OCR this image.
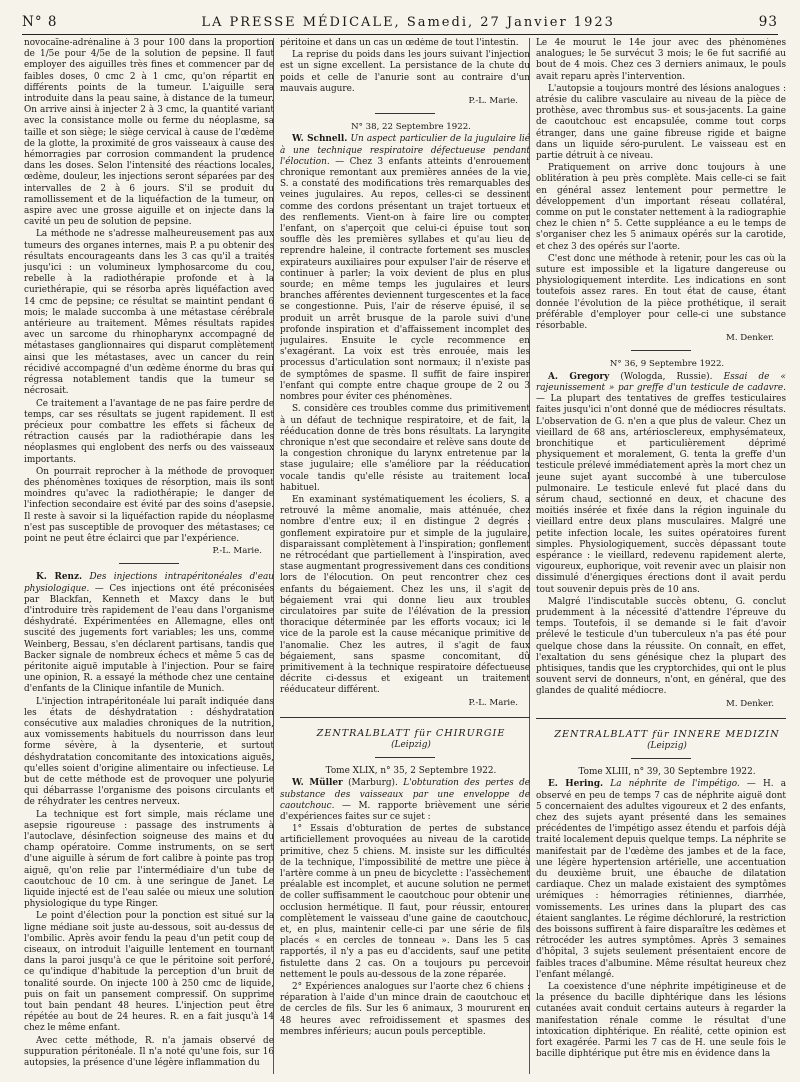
N° 8	LA PRESSE MÉDICALE, Samedi, 27 Janvier 1923	93

novocaïne-adrénaline à 3 pour 100 dans la proportion de 1/5e pour 4/5e de la solution de pepsine. Il faut employer des aiguilles très fines et commencer par de faibles doses, 0 cmc 2 à 1 cmc, qu'on répartit en différents points de la tumeur. L'aiguille sera introduite dans la peau saine, à distance de la tumeur. On arrive ainsi à injecter 2 à 3 cmc, la quantité variant avec la consistance molle ou ferme du néoplasme, sa taille et son siège; le siège cervical à cause de l'œdème de la glotte, la proximité de gros vaisseaux à cause des hémorragies par corrosion commandent la prudence dans les doses. Selon l'intensité des réactions locales, œdème, douleur, les injections seront séparées par des intervalles de 2 à 6 jours. S'il se produit du ramollissement et de la liquéfaction de la tumeur, on aspire avec une grosse aiguille et on injecte dans la cavité un peu de solution de pepsine.

La méthode ne s'adresse malheureusement pas aux tumeurs des organes internes, mais P. a pu obtenir des résultats encourageants dans les 3 cas qu'il a traités jusqu'ici : un volumineux lymphosarcome du cou, rebelle à la radiothérapie profonde et à la curiethérapie, qui se résorba après liquéfaction avec 14 cmc de pepsine; ce résultat se maintint pendant 6 mois; le malade succomba à une métastase cérébrale antérieure au traitement. Mêmes résultats rapides avec un sarcome du rhinopharynx accompagné de métastases ganglionnaires qui disparut complètement ainsi que les métastases, avec un cancer du rein récidivé accompagné d'un œdème énorme du bras qui régressa notablement tandis que la tumeur se nécrosait.

Ce traitement a l'avantage de ne pas faire perdre de temps, car ses résultats se jugent rapidement. Il est précieux pour combattre les effets si fâcheux de rétraction causés par la radiothérapie dans les néoplasmes qui englobent des nerfs ou des vaisseaux importants.

On pourrait reprocher à la méthode de provoquer des phénomènes toxiques de résorption, mais ils sont moindres qu'avec la radiothérapie; le danger de l'infection secondaire est évité par des soins d'asepsie. Il reste à savoir si la liquéfaction rapide du néoplasme n'est pas susceptible de provoquer des métastases; ce point ne peut être éclairci que par l'expérience.

P.-L. Marie.

K. Renz. Des injections intrapéritonéales d'eau physiologique. — Ces injections ont été préconisées par Blackfan, Kenneth et Maxcy dans le but d'introduire très rapidement de l'eau dans l'organisme déshydraté. Expérimentées en Allemagne, elles ont suscité des jugements fort variables; les uns, comme Weinberg, Bessau, s'en déclarent partisans, tandis que Backer signale de nombreux échecs et même 5 cas de péritonite aiguë imputable à l'injection. Pour se faire une opinion, R. a essayé la méthode chez une centaine d'enfants de la Clinique infantile de Munich.

L'injection intrapéritonéale lui paraît indiquée dans les états de déshydratation : déshydratation consécutive aux maladies chroniques de la nutrition, aux vomissements habituels du nourrisson dans leur forme sévère, à la dysenterie, et surtout déshydratation concomitante des intoxications aiguës, qu'elles soient d'origine alimentaire ou infectieuse. Le but de cette méthode est de provoquer une polyurie qui débarrasse l'organisme des poisons circulants et de réhydrater les centres nerveux.

La technique est fort simple, mais réclame une asepsie rigoureuse : passage des instruments à l'autoclave, désinfection soigneuse des mains et du champ opératoire. Comme instruments, on se sert d'une aiguille à sérum de fort calibre à pointe pas trop aiguë, qu'on relie par l'intermédiaire d'un tube de caoutchouc de 10 cm. à une seringue de Janet. Le liquide injecté est de l'eau salée ou mieux une solution physiologique du type Ringer.

Le point d'élection pour la ponction est situé sur la ligne médiane soit juste au-dessous, soit au-dessus de l'ombilic. Après avoir fendu la peau d'un petit coup de ciseaux, on introduit l'aiguille lentement en tournant dans la paroi jusqu'à ce que le péritoine soit perforé, ce qu'indique d'habitude la perception d'un bruit de tonalité sourde. On injecte 100 à 250 cmc de liquide, puis on fait un pansement compressif. On supprime tout bain pendant 48 heures. L'injection peut être répétée au bout de 24 heures. R. en a fait jusqu'à 14 chez le même enfant.

Avec cette méthode, R. n'a jamais observé de suppuration péritonéale. Il n'a noté qu'une fois, sur 16 autopsies, la présence d'une légère inflammation du

péritoine et dans un cas un œdème de tout l'intestin.

La reprise du poids dans les jours suivant l'injection est un signe excellent. La persistance de la chute du poids et celle de l'anurie sont au contraire d'un mauvais augure.

P.-L. Marie.

N° 38, 22 Septembre 1922.

W. Schnell. Un aspect particulier de la jugulaire lié à une technique respiratoire défectueuse pendant l'élocution. — Chez 3 enfants atteints d'enrouement chronique remontant aux premières années de la vie, S. a constaté des modifications très remarquables des veines jugulaires. Au repos, celles-ci se dessinent comme des cordons présentant un trajet tortueux et des renflements. Vient-on à faire lire ou compter l'enfant, on s'aperçoit que celui-ci épuise tout son souffle dès les premières syllabes et qu'au lieu de reprendre haleine, il contracte fortement ses muscles expirateurs auxiliaires pour expulser l'air de réserve et continuer à parler; la voix devient de plus en plus sourde; en même temps les jugulaires et leurs branches afférentes deviennent turgescentes et la face se congestionne. Puis, l'air de réserve épuisé, il se produit un arrêt brusque de la parole suivi d'une profonde inspiration et d'affaissement incomplet des jugulaires. Ensuite le cycle recommence en s'exagérant. La voix est très enrouée, mais les processus d'articulation sont normaux; il n'existe pas de symptômes de spasme. Il suffit de faire inspirer l'enfant qui compte entre chaque groupe de 2 ou 3 nombres pour éviter ces phénomènes.

S. considère ces troubles comme dus primitivement à un défaut de technique respiratoire, et de fait, la rééducation donne de très bons résultats. La laryngite chronique n'est que secondaire et relève sans doute de la congestion chronique du larynx entretenue par la stase jugulaire; elle s'améliore par la rééducation vocale tandis qu'elle résiste au traitement local habituel.

En examinant systématiquement les écoliers, S. a retrouvé la même anomalie, mais atténuée, chez nombre d'entre eux; il en distingue 2 degrés : gonflement expiratoire pur et simple de la jugulaire, disparaissant complètement à l'inspiration; gonflement ne rétrocédant que partiellement à l'inspiration, avec stase augmentant progressivement dans ces conditions lors de l'élocution. On peut rencontrer chez ces enfants du bégaiement. Chez les uns, il s'agit de bégaiement vrai qui donne lieu aux troubles circulatoires par suite de l'élévation de la pression thoracique déterminée par les efforts vocaux; ici le vice de la parole est la cause mécanique primitive de l'anomalie. Chez les autres, il s'agit de faux bégaiement, sans spasme concomitant, dû primitivement à la technique respiratoire défectueuse décrite ci-dessus et exigeant un traitement rééducateur différent.

P.-L. Marie.

ZENTRALBLATT für CHIRURGIE

(Leipzig)

Tome XLIX, n° 35, 2 Septembre 1922.

W. Müller (Marburg). L'obturation des pertes de substance des vaisseaux par une enveloppe de caoutchouc. — M. rapporte brièvement une série d'expériences faites sur ce sujet :

1° Essais d'obturation de pertes de substance artificiellement provoquées au niveau de la carotide primitive, chez 5 chiens. M. insiste sur les difficultés de la technique, l'impossibilité de mettre une pièce à l'artère comme à un pneu de bicyclette : l'assèchement préalable est incomplet, et aucune solution ne permet de coller suffisamment le caoutchouc pour obtenir une occlusion hermétique. Il faut, pour réussir, entourer complètement le vaisseau d'une gaine de caoutchouc, et, en plus, maintenir celle-ci par une série de fils placés « en cercles de tonneau ». Dans les 5 cas rapportés, il n'y a pas eu d'accidents, sauf une petite fistulette dans 2 cas. On a toujours pu percevoir nettement le pouls au-dessous de la zone réparée.

2° Expériences analogues sur l'aorte chez 6 chiens : réparation à l'aide d'un mince drain de caoutchouc et de cercles de fils. Sur les 6 animaux, 3 moururent en 48 heures avec refroidissement et spasmes des membres inférieurs; aucun pouls perceptible.

Le 4e mourut le 14e jour avec des phénomènes analogues; le 5e survécut 3 mois; le 6e fut sacrifié au bout de 4 mois. Chez ces 3 derniers animaux, le pouls avait reparu après l'intervention.

L'autopsie a toujours montré des lésions analogues : atrésie du calibre vasculaire au niveau de la pièce de prothèse, avec thrombus sus- et sous-jacents. La gaine de caoutchouc est encapsulée, comme tout corps étranger, dans une gaine fibreuse rigide et baigne dans un liquide séro-purulent. Le vaisseau est en partie détruit à ce niveau.

Pratiquement on arrive donc toujours à une oblitération à peu près complète. Mais celle-ci se fait en général assez lentement pour permettre le développement d'un important réseau collatéral, comme on put le constater nettement à la radiographie chez le chien n° 5. Cette suppléance a eu le temps de s'organiser chez les 5 animaux opérés sur la carotide, et chez 3 des opérés sur l'aorte.

C'est donc une méthode à retenir, pour les cas où la suture est impossible et la ligature dangereuse ou physiologiquement interdite. Les indications en sont toutefois assez rares. En tout état de cause, étant donnée l'évolution de la pièce prothétique, il serait préférable d'employer pour celle-ci une substance résorbable.

M. Denker.

N° 36, 9 Septembre 1922.

A. Gregory (Wologda, Russie). Essai de « rajeunissement » par greffe d'un testicule de cadavre. — La plupart des tentatives de greffes testiculaires faites jusqu'ici n'ont donné que de médiocres résultats. L'observation de G. n'en a que plus de valeur. Chez un vieillard de 68 ans, artériosclereux, emphysémateux, bronchitique et particulièrement déprimé physiquement et moralement, G. tenta la greffe d'un testicule prélevé immédiatement après la mort chez un jeune sujet ayant succombé à une tuberculose pulmonaire. Le testicule enlevé fut placé dans du sérum chaud, sectionné en deux, et chacune des moitiés insérée et fixée dans la région inguinale du vieillard entre deux plans musculaires. Malgré une petite infection locale, les suites opératoires furent simples. Physiologiquement, succès dépassant toute espérance : le vieillard, redevenu rapidement alerte, vigoureux, euphorique, voit revenir avec un plaisir non dissimulé d'énergiques érections dont il avait perdu tout souvenir depuis près de 10 ans.

Malgré l'indiscutable succès obtenu, G. conclut prudemment à la nécessité d'attendre l'épreuve du temps. Toutefois, il se demande si le fait d'avoir prélevé le testicule d'un tuberculeux n'a pas été pour quelque chose dans la réussite. On connaît, en effet, l'exaltation du sens génésique chez la plupart des phtisiques, tandis que les cryptorchides, qui ont le plus souvent servi de donneurs, n'ont, en général, que des glandes de qualité médiocre.

M. Denker.

ZENTRALBLATT für INNERE MEDIZIN

(Leipzig)

Tome XLIII, n° 39, 30 Septembre 1922.

E. Hering. La néphrite de l'impétigo. — H. a observé en peu de temps 7 cas de néphrite aiguë dont 5 concernaient des adultes vigoureux et 2 des enfants, chez des sujets ayant présenté dans les semaines précédentes de l'impétigo assez étendu et parfois déjà traité localement depuis quelque temps. La néphrite se manifestait par de l'œdème des jambes et de la face, une légère hypertension artérielle, une accentuation du deuxième bruit, une ébauche de dilatation cardiaque. Chez un malade existaient des symptômes urémiques : hémorragies rétiniennes, diarrhée, vomissements. Les urines dans la plupart des cas étaient sanglantes. Le régime déchloruré, la restriction des boissons suffirent à faire disparaître les œdèmes et rétrocéder les autres symptômes. Après 3 semaines d'hôpital, 3 sujets seulement présentaient encore de faibles traces d'albumine. Même résultat heureux chez l'enfant mélangé.

La coexistence d'une néphrite impétigineuse et de la présence du bacille diphtérique dans les lésions cutanées avait conduit certains auteurs à regarder la manifestation rénale comme le résultat d'une intoxication diphtérique. En réalité, cette opinion est fort exagérée. Parmi les 7 cas de H. une seule fois le bacille diphtérique put être mis en évidence dans la
